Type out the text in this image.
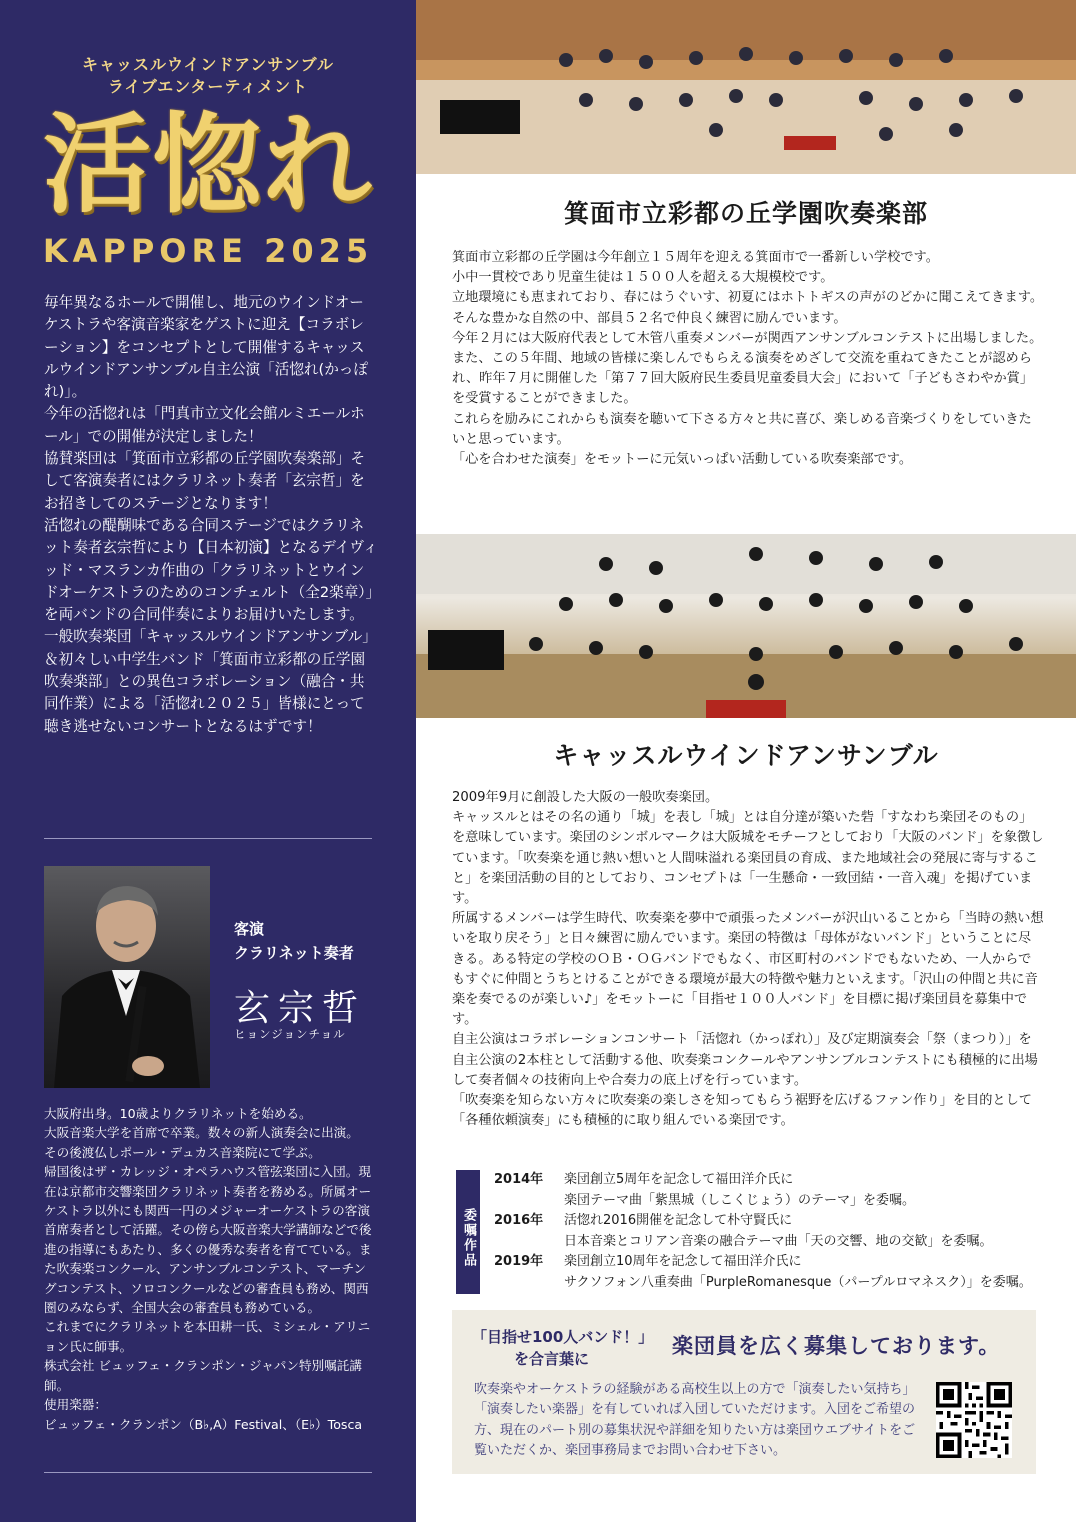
キャッスルウインドアンサンブル
ライブエンターティメント
活惚れ
KAPPORE 2025

毎年異なるホールで開催し、地元のウインドオーケストラや客演音楽家をゲストに迎え【コラボレーション】をコンセプトとして開催するキャッスルウインドアンサンブル自主公演「活惚れ(かっぽれ)」。

今年の活惚れは「門真市立文化会館ルミエールホール」での開催が決定しました！

協賛楽団は「箕面市立彩都の丘学園吹奏楽部」そして客演奏者にはクラリネット奏者「玄宗哲」をお招きしてのステージとなります！

活惚れの醍醐味である合同ステージではクラリネット奏者玄宗哲により【日本初演】となるデイヴィッド・マスランカ作曲の「クラリネットとウインドオーケストラのためのコンチェルト（全2楽章）」を両バンドの合同伴奏によりお届けいたします。

一般吹奏楽団「キャッスルウインドアンサンブル」＆初々しい中学生バンド「箕面市立彩都の丘学園吹奏楽部」との異色コラボレーション（融合・共同作業）による「活惚れ２０２５」皆様にとって聴き逃せないコンサートとなるはずです！

客演
クラリネット奏者
玄宗哲
ヒョンジョンチョル

大阪府出身。10歳よりクラリネットを始める。

大阪音楽大学を首席で卒業。数々の新人演奏会に出演。

その後渡仏しポール・デュカス音楽院にて学ぶ。

帰国後はザ・カレッジ・オペラハウス管弦楽団に入団。現在は京都市交響楽団クラリネット奏者を務める。所属オーケストラ以外にも関西一円のメジャーオーケストラの客演首席奏者として活躍。その傍ら大阪音楽大学講師などで後進の指導にもあたり、多くの優秀な奏者を育てている。また吹奏楽コンクール、アンサンブルコンテスト、マーチングコンテスト、ソロコンクールなどの審査員も務め、関西圏のみならず、全国大会の審査員も務めている。

これまでにクラリネットを本田耕一氏、ミシェル・アリニョン氏に師事。

株式会社 ビュッフェ・クランポン・ジャパン特別嘱託講師。

使用楽器：

ビュッフェ・クランポン（B♭,A）Festival、（E♭）Tosca

箕面市立彩都の丘学園吹奏楽部

箕面市立彩都の丘学園は今年創立１５周年を迎える箕面市で一番新しい学校です。

小中一貫校であり児童生徒は１５００人を超える大規模校です。

立地環境にも恵まれており、春にはうぐいす、初夏にはホトトギスの声がのどかに聞こえてきます。そんな豊かな自然の中、部員５２名で仲良く練習に励んでいます。

今年２月には大阪府代表として木管八重奏メンバーが関西アンサンブルコンテストに出場しました。

また、この５年間、地域の皆様に楽しんでもらえる演奏をめざして交流を重ねてきたことが認められ、昨年７月に開催した「第７７回大阪府民生委員児童委員大会」において「子どもさわやか賞」を受賞することができました。

これらを励みにこれからも演奏を聴いて下さる方々と共に喜び、楽しめる音楽づくりをしていきたいと思っています。

「心を合わせた演奏」をモットーに元気いっぱい活動している吹奏楽部です。

キャッスルウインドアンサンブル

2009年9月に創設した大阪の一般吹奏楽団。

キャッスルとはその名の通り「城」を表し「城」とは自分達が築いた砦「すなわち楽団そのもの」を意味しています。楽団のシンボルマークは大阪城をモチーフとしており「大阪のバンド」を象徴しています。「吹奏楽を通じ熱い想いと人間味溢れる楽団員の育成、また地域社会の発展に寄与すること」を楽団活動の目的としており、コンセプトは「一生懸命・一致団結・一音入魂」を掲げています。

所属するメンバーは学生時代、吹奏楽を夢中で頑張ったメンバーが沢山いることから「当時の熱い想いを取り戻そう」と日々練習に励んでいます。楽団の特徴は「母体がないバンド」ということに尽きる。ある特定の学校のＯＢ・ＯＧバンドでもなく、市区町村のバンドでもないため、一人からでもすぐに仲間とうちとけることができる環境が最大の特徴や魅力といえます。「沢山の仲間と共に音楽を奏でるのが楽しい♪」をモットーに「目指せ１００人バンド」を目標に掲げ楽団員を募集中です。

自主公演はコラボレーションコンサート「活惚れ（かっぽれ）」及び定期演奏会「祭（まつり）」を自主公演の2本柱として活動する他、吹奏楽コンクールやアンサンブルコンテストにも積極的に出場して奏者個々の技術向上や合奏力の底上げを行っています。

「吹奏楽を知らない方々に吹奏楽の楽しさを知ってもらう裾野を広げるファン作り」を目的として「各種依頼演奏」にも積極的に取り組んでいる楽団です。

委嘱作品
2014年	楽団創立5周年を記念して福田洋介氏に
楽団テーマ曲「紫黒城（しこくじょう）のテーマ」を委嘱。
2016年	活惚れ2016開催を記念して朴守賢氏に
日本音楽とコリアン音楽の融合テーマ曲「天の交響、地の交歓」を委嘱。
2019年	楽団創立10周年を記念して福田洋介氏に
サクソフォン八重奏曲「PurpleRomanesque（パープルロマネスク）」を委嘱。
「目指せ100人バンド！」
を合言葉に
楽団員を広く募集しております。
吹奏楽やオーケストラの経験がある高校生以上の方で「演奏したい気持ち」「演奏したい楽器」を有していれば入団していただけます。入団をご希望の方、現在のパート別の募集状況や詳細を知りたい方は楽団ウエブサイトをご覧いただくか、楽団事務局までお問い合わせ下さい。
